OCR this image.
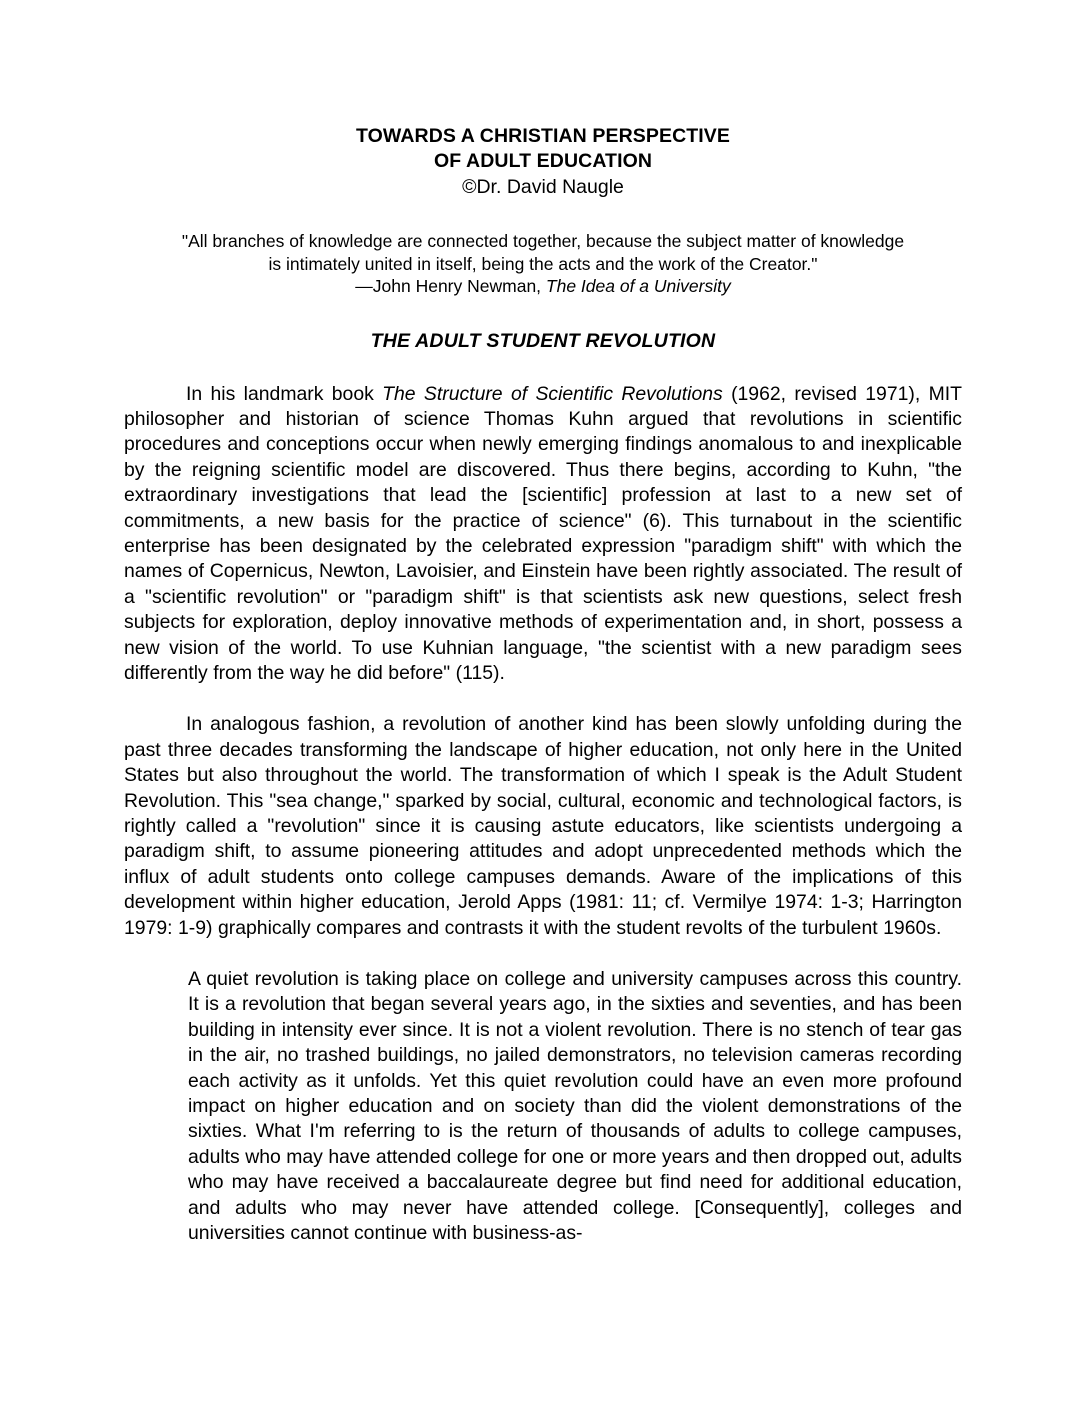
TOWARDS A CHRISTIAN PERSPECTIVE
OF ADULT EDUCATION
©Dr. David Naugle
"All branches of knowledge are connected together, because the subject matter of knowledge
is intimately united in itself, being the acts and the work of the Creator."
—John Henry Newman, The Idea of a University
THE ADULT STUDENT REVOLUTION

In his landmark book The Structure of Scientific Revolutions (1962, revised 1971), MIT philosopher and historian of science Thomas Kuhn argued that revolutions in scientific procedures and conceptions occur when newly emerging findings anomalous to and inexplicable by the reigning scientific model are discovered. Thus there begins, according to Kuhn, "the extraordinary investigations that lead the [scientific] profession at last to a new set of commitments, a new basis for the practice of science" (6). This turnabout in the scientific enterprise has been designated by the celebrated expression "paradigm shift" with which the names of Copernicus, Newton, Lavoisier, and Einstein have been rightly associated. The result of a "scientific revolution" or "paradigm shift" is that scientists ask new questions, select fresh subjects for exploration, deploy innovative methods of experimentation and, in short, possess a new vision of the world. To use Kuhnian language, "the scientist with a new paradigm sees differently from the way he did before" (115).

In analogous fashion, a revolution of another kind has been slowly unfolding during the past three decades transforming the landscape of higher education, not only here in the United States but also throughout the world. The transformation of which I speak is the Adult Student Revolution. This "sea change," sparked by social, cultural, economic and technological factors, is rightly called a "revolution" since it is causing astute educators, like scientists undergoing a paradigm shift, to assume pioneering attitudes and adopt unprecedented methods which the influx of adult students onto college campuses demands. Aware of the implications of this development within higher education, Jerold Apps (1981: 11; cf. Vermilye 1974: 1-3; Harrington 1979: 1-9) graphically compares and contrasts it with the student revolts of the turbulent 1960s.

A quiet revolution is taking place on college and university campuses across this country. It is a revolution that began several years ago, in the sixties and seventies, and has been building in intensity ever since. It is not a violent revolution. There is no stench of tear gas in the air, no trashed buildings, no jailed demonstrators, no television cameras recording each activity as it unfolds. Yet this quiet revolution could have an even more profound impact on higher education and on society than did the violent demonstrations of the sixties. What I'm referring to is the return of thousands of adults to college campuses, adults who may have attended college for one or more years and then dropped out, adults who may have received a baccalaureate degree but find need for additional education, and adults who may never have attended college. [Consequently], colleges and universities cannot continue with business-as-
